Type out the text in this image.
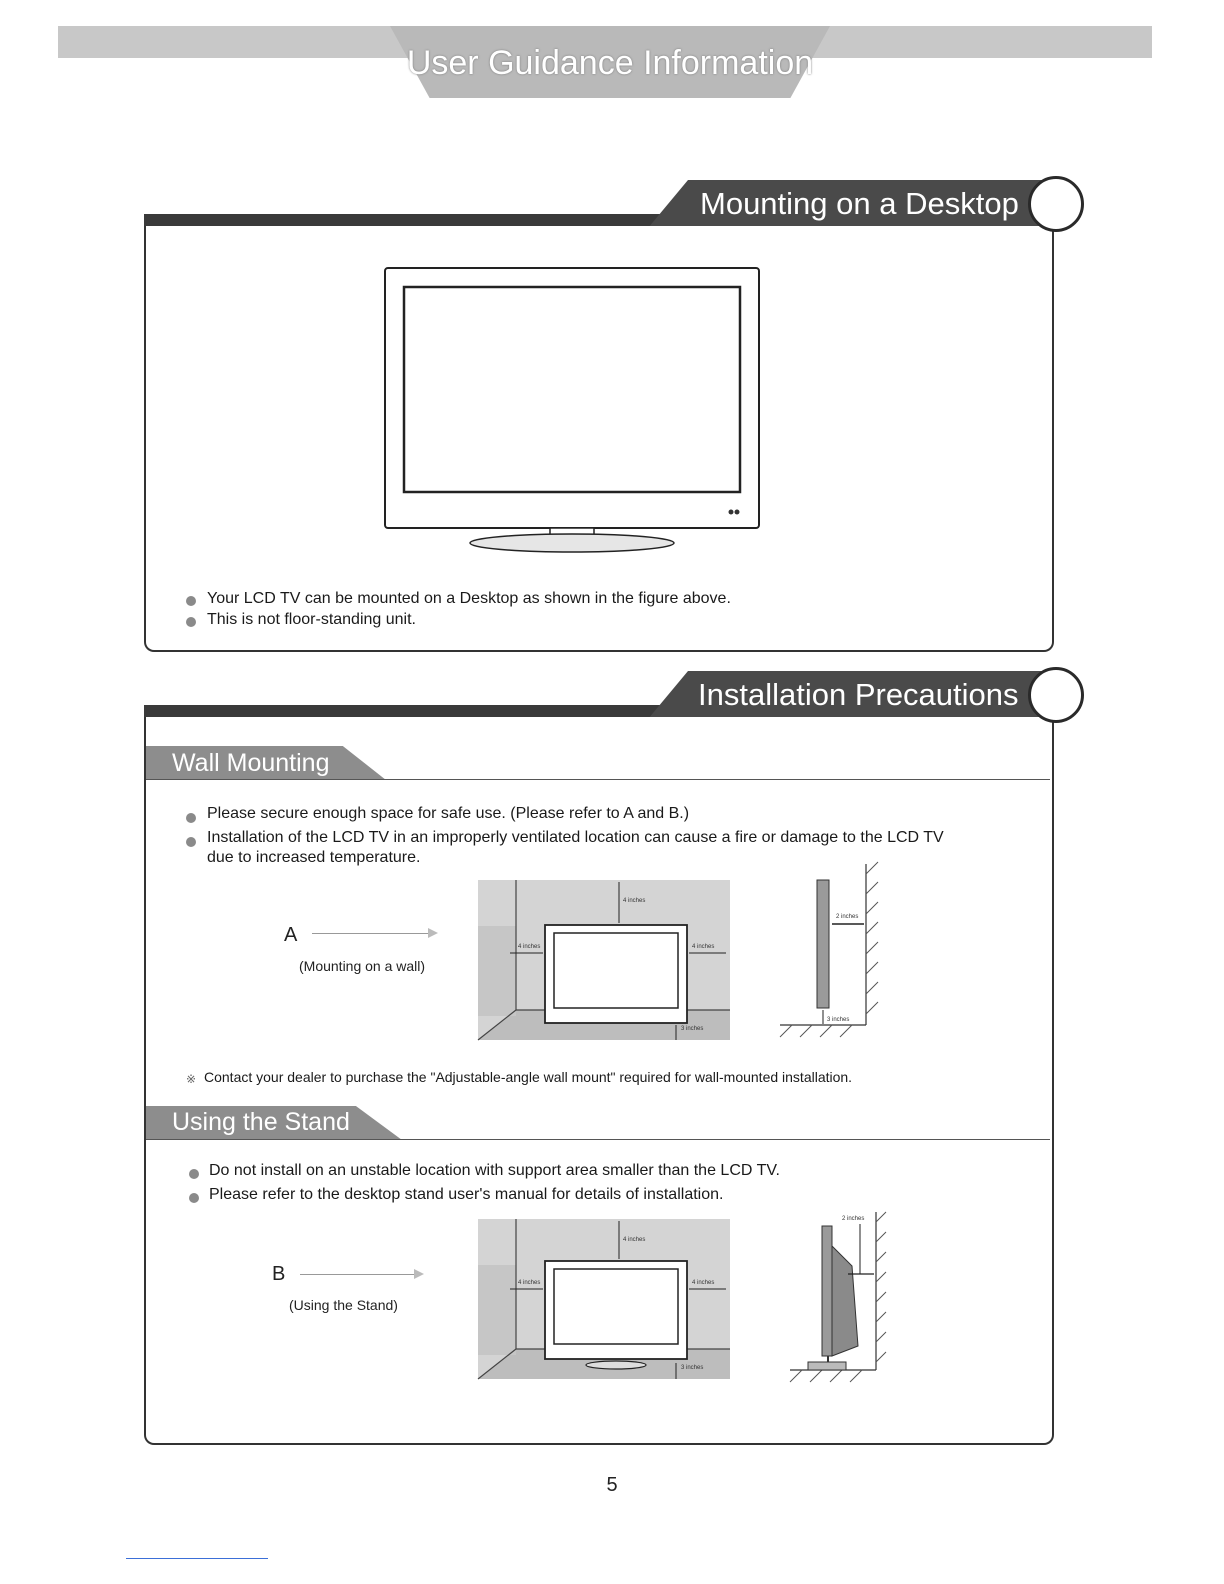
User Guidance Information
Mounting on a Desktop
Your LCD TV can be mounted on a Desktop as shown in the figure above.
This is not floor-standing unit.
Installation Precautions
Wall Mounting
Please secure enough space for safe use. (Please refer to A and B.)
Installation of the LCD TV in an improperly ventilated location can cause a fire or damage to the LCD TV
due to increased temperature.
A
(Mounting on a wall)
4 inches
4 inches	4 inches
3 inches
2 inches
3 inches
※ Contact your dealer to purchase the "Adjustable-angle wall mount" required for wall-mounted installation.
Using the Stand
Do not install on an unstable location with support area smaller than the LCD TV.
Please refer to the desktop stand user's manual for details of installation.
B
(Using the Stand)
4 inches
4 inches	4 inches
3 inches
2 inches
5
